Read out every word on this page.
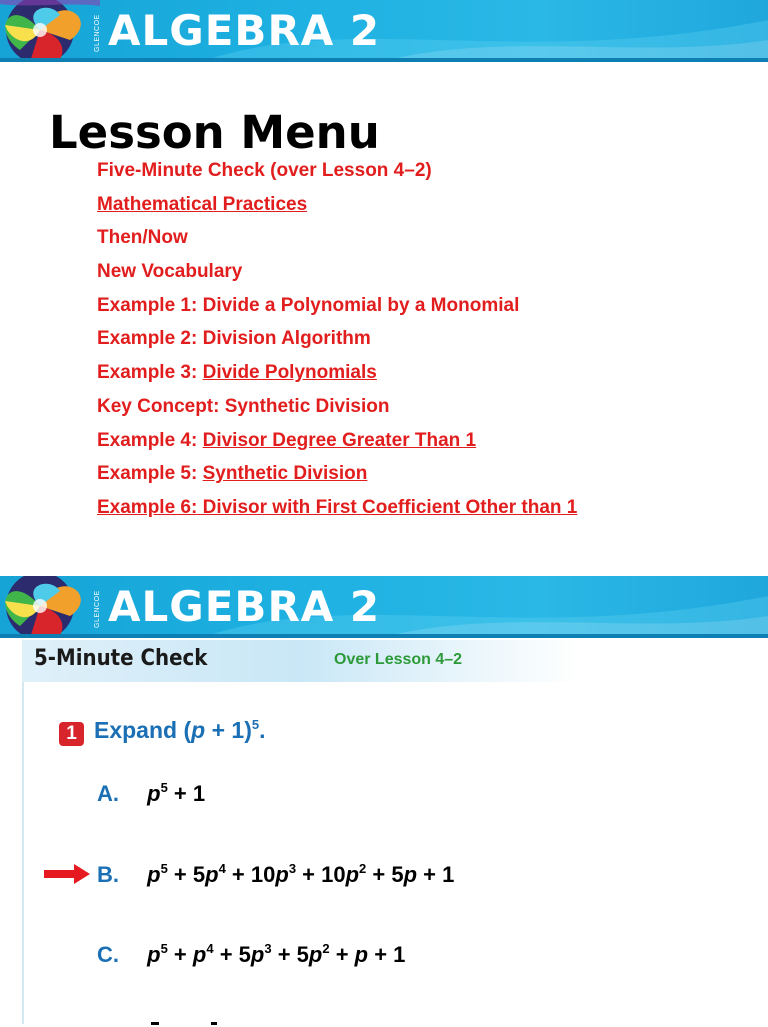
GLENCOE ALGEBRA 2
Lesson Menu
Five-Minute Check (over Lesson 4–2)
Mathematical Practices
Then/Now
New Vocabulary
Example 1: Divide a Polynomial by a Monomial
Example 2: Division Algorithm
Example 3: Divide Polynomials
Key Concept: Synthetic Division
Example 4: Divisor Degree Greater Than 1
Example 5: Synthetic Division
Example 6: Divisor with First Coefficient Other than 1
GLENCOE ALGEBRA 2
5-Minute Check	Over Lesson 4–2
1 Expand $(p + 1)^5$.
A. $p^5 + 1$
B. $p^5 + 5p^4 + 10p^3 + 10p^2 + 5p + 1$
C. $p^5 + p^4 + 5p^3 + 5p^2 + p + 1$
